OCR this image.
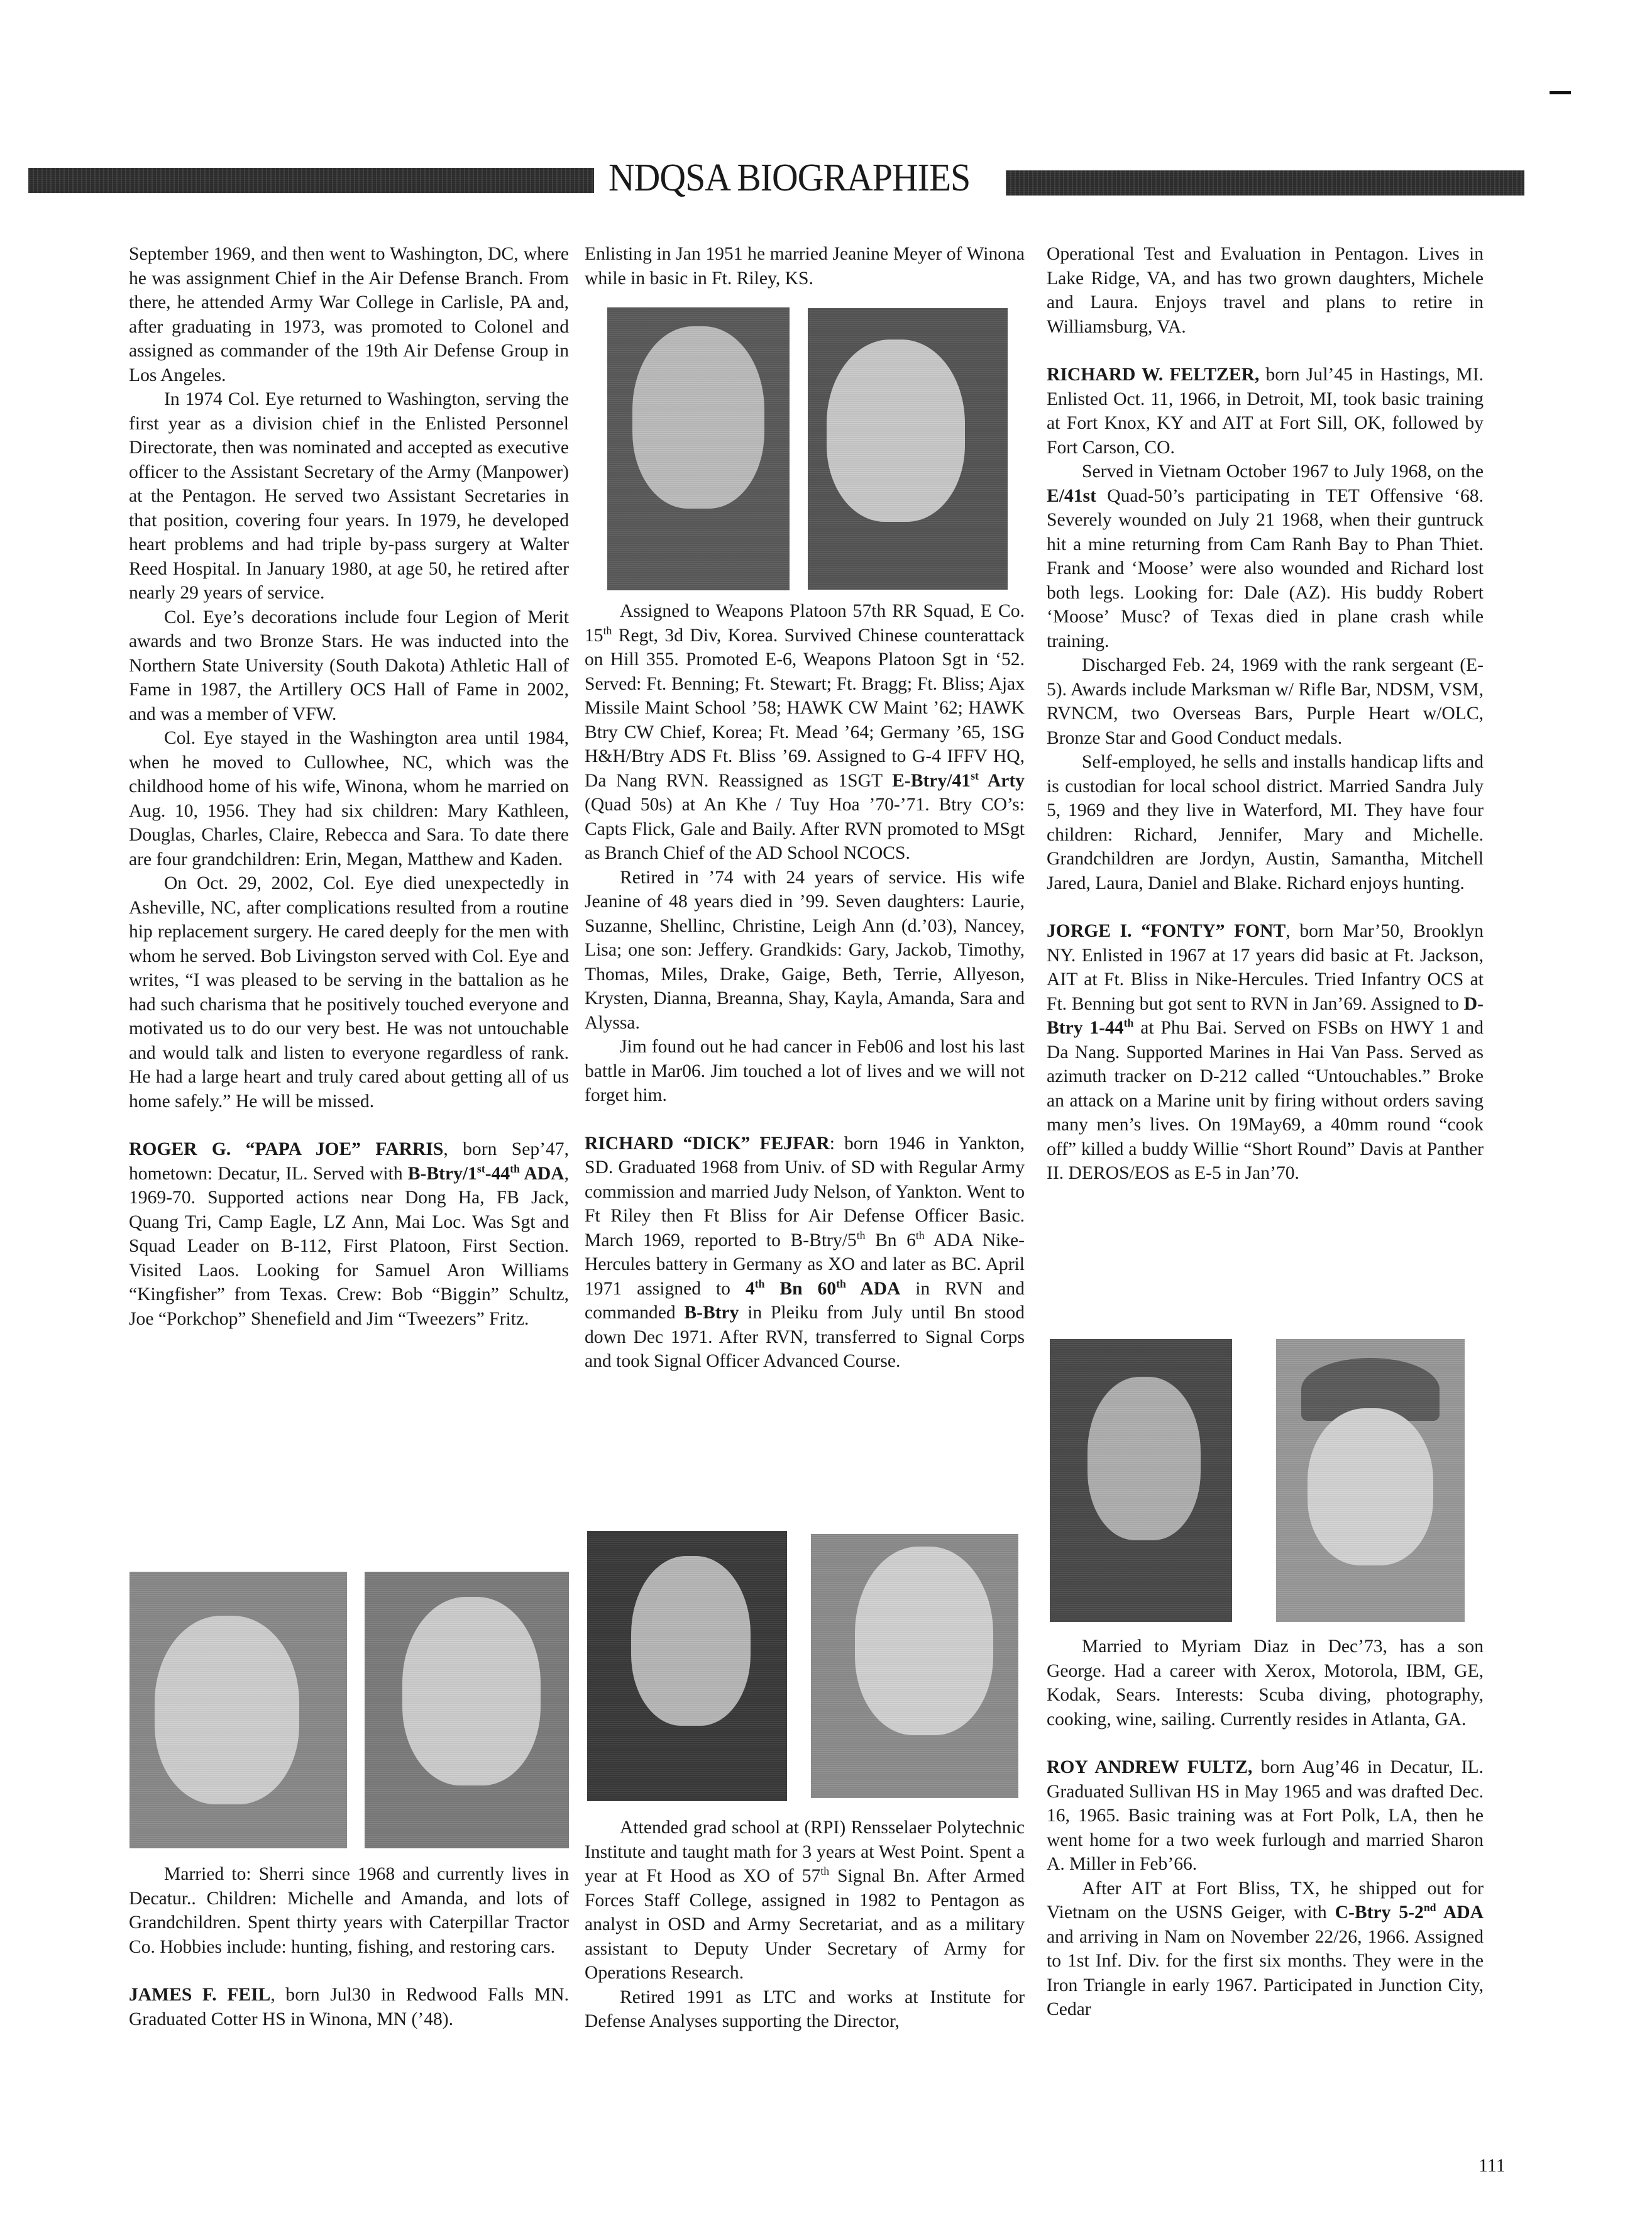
NDQSA BIOGRAPHIES

September 1969, and then went to Washington, DC, where he was assignment Chief in the Air Defense Branch. From there, he attended Army War College in Carlisle, PA and, after graduating in 1973, was promoted to Colonel and assigned as commander of the 19th Air Defense Group in Los Angeles.

In 1974 Col. Eye returned to Washington, serving the first year as a division chief in the Enlisted Personnel Directorate, then was nominated and accepted as executive officer to the Assistant Secretary of the Army (Manpower) at the Pentagon. He served two Assistant Secretaries in that position, covering four years. In 1979, he developed heart problems and had triple by-pass surgery at Walter Reed Hospital. In January 1980, at age 50, he retired after nearly 29 years of service.

Col. Eye’s decorations include four Legion of Merit awards and two Bronze Stars. He was inducted into the Northern State University (South Dakota) Athletic Hall of Fame in 1987, the Artillery OCS Hall of Fame in 2002, and was a member of VFW.

Col. Eye stayed in the Washington area until 1984, when he moved to Cullowhee, NC, which was the childhood home of his wife, Winona, whom he married on Aug. 10, 1956. They had six children: Mary Kathleen, Douglas, Charles, Claire, Rebecca and Sara. To date there are four grandchildren: Erin, Megan, Matthew and Kaden.

On Oct. 29, 2002, Col. Eye died unexpectedly in Asheville, NC, after complications resulted from a routine hip replacement surgery. He cared deeply for the men with whom he served. Bob Livingston served with Col. Eye and writes, “I was pleased to be serving in the battalion as he had such charisma that he positively touched everyone and motivated us to do our very best. He was not untouchable and would talk and listen to everyone regardless of rank. He had a large heart and truly cared about getting all of us home safely.” He will be missed.

ROGER G. “PAPA JOE” FARRIS, born Sep’47, hometown: Decatur, IL. Served with B-Btry/1st-44th ADA, 1969-70. Supported actions near Dong Ha, FB Jack, Quang Tri, Camp Eagle, LZ Ann, Mai Loc. Was Sgt and Squad Leader on B-112, First Platoon, First Section. Visited Laos. Looking for Samuel Aron Williams “Kingfisher” from Texas. Crew: Bob “Biggin” Schultz, Joe “Porkchop” Shenefield and Jim “Tweezers” Fritz.

Married to: Sherri since 1968 and currently lives in Decatur.. Children: Michelle and Amanda, and lots of Grandchildren. Spent thirty years with Caterpillar Tractor Co. Hobbies include: hunting, fishing, and restoring cars.

JAMES F. FEIL, born Jul30 in Redwood Falls MN. Graduated Cotter HS in Winona, MN (’48).

Enlisting in Jan 1951 he married Jeanine Meyer of Winona while in basic in Ft. Riley, KS.

Assigned to Weapons Platoon 57th RR Squad, E Co. 15th Regt, 3d Div, Korea. Survived Chinese counterattack on Hill 355. Promoted E-6, Weapons Platoon Sgt in ‘52. Served: Ft. Benning; Ft. Stewart; Ft. Bragg; Ft. Bliss; Ajax Missile Maint School ’58; HAWK CW Maint ’62; HAWK Btry CW Chief, Korea; Ft. Mead ’64; Germany ’65, 1SG H&H/Btry ADS Ft. Bliss ’69. Assigned to G-4 IFFV HQ, Da Nang RVN. Reassigned as 1SGT E-Btry/41st Arty (Quad 50s) at An Khe / Tuy Hoa ’70-’71. Btry CO’s: Capts Flick, Gale and Baily. After RVN promoted to MSgt as Branch Chief of the AD School NCOCS.

Retired in ’74 with 24 years of service. His wife Jeanine of 48 years died in ’99. Seven daughters: Laurie, Suzanne, Shellinc, Christine, Leigh Ann (d.’03), Nancey, Lisa; one son: Jeffery. Grandkids: Gary, Jackob, Timothy, Thomas, Miles, Drake, Gaige, Beth, Terrie, Allyeson, Krysten, Dianna, Breanna, Shay, Kayla, Amanda, Sara and Alyssa.

Jim found out he had cancer in Feb06 and lost his last battle in Mar06. Jim touched a lot of lives and we will not forget him.

RICHARD “DICK” FEJFAR: born 1946 in Yankton, SD. Graduated 1968 from Univ. of SD with Regular Army commission and married Judy Nelson, of Yankton. Went to Ft Riley then Ft Bliss for Air Defense Officer Basic. March 1969, reported to B-Btry/5th Bn 6th ADA Nike-Hercules battery in Germany as XO and later as BC. April 1971 assigned to 4th Bn 60th ADA in RVN and commanded B-Btry in Pleiku from July until Bn stood down Dec 1971. After RVN, transferred to Signal Corps and took Signal Officer Advanced Course.

Attended grad school at (RPI) Rensselaer Polytechnic Institute and taught math for 3 years at West Point. Spent a year at Ft Hood as XO of 57th Signal Bn. After Armed Forces Staff College, assigned in 1982 to Pentagon as analyst in OSD and Army Secretariat, and as a military assistant to Deputy Under Secretary of Army for Operations Research.

Retired 1991 as LTC and works at Institute for Defense Analyses supporting the Director,

Operational Test and Evaluation in Pentagon. Lives in Lake Ridge, VA, and has two grown daughters, Michele and Laura. Enjoys travel and plans to retire in Williamsburg, VA.

RICHARD W. FELTZER, born Jul’45 in Hastings, MI. Enlisted Oct. 11, 1966, in Detroit, MI, took basic training at Fort Knox, KY and AIT at Fort Sill, OK, followed by Fort Carson, CO.

Served in Vietnam October 1967 to July 1968, on the E/41st Quad-50’s participating in TET Offensive ‘68. Severely wounded on July 21 1968, when their guntruck hit a mine returning from Cam Ranh Bay to Phan Thiet. Frank and ‘Moose’ were also wounded and Richard lost both legs. Looking for: Dale (AZ). His buddy Robert ‘Moose’ Musc? of Texas died in plane crash while training.

Discharged Feb. 24, 1969 with the rank sergeant (E-5). Awards include Marksman w/ Rifle Bar, NDSM, VSM, RVNCM, two Overseas Bars, Purple Heart w/OLC, Bronze Star and Good Conduct medals.

Self-employed, he sells and installs handicap lifts and is custodian for local school district. Married Sandra July 5, 1969 and they live in Waterford, MI. They have four children: Richard, Jennifer, Mary and Michelle. Grandchildren are Jordyn, Austin, Samantha, Mitchell Jared, Laura, Daniel and Blake. Richard enjoys hunting.

JORGE I. “FONTY” FONT, born Mar’50, Brooklyn NY. Enlisted in 1967 at 17 years did basic at Ft. Jackson, AIT at Ft. Bliss in Nike-Hercules. Tried Infantry OCS at Ft. Benning but got sent to RVN in Jan’69. Assigned to D-Btry 1-44th at Phu Bai. Served on FSBs on HWY 1 and Da Nang. Supported Marines in Hai Van Pass. Served as azimuth tracker on D-212 called “Untouchables.” Broke an attack on a Marine unit by firing without orders saving many men’s lives. On 19May69, a 40mm round “cook off” killed a buddy Willie “Short Round” Davis at Panther II. DEROS/EOS as E-5 in Jan’70.

Married to Myriam Diaz in Dec’73, has a son George. Had a career with Xerox, Motorola, IBM, GE, Kodak, Sears. Interests: Scuba diving, photography, cooking, wine, sailing. Currently resides in Atlanta, GA.

ROY ANDREW FULTZ, born Aug’46 in Decatur, IL. Graduated Sullivan HS in May 1965 and was drafted Dec. 16, 1965. Basic training was at Fort Polk, LA, then he went home for a two week furlough and married Sharon A. Miller in Feb’66.

After AIT at Fort Bliss, TX, he shipped out for Vietnam on the USNS Geiger, with C-Btry 5-2nd ADA and arriving in Nam on November 22/26, 1966. Assigned to 1st Inf. Div. for the first six months. They were in the Iron Triangle in early 1967. Participated in Junction City, Cedar

111
